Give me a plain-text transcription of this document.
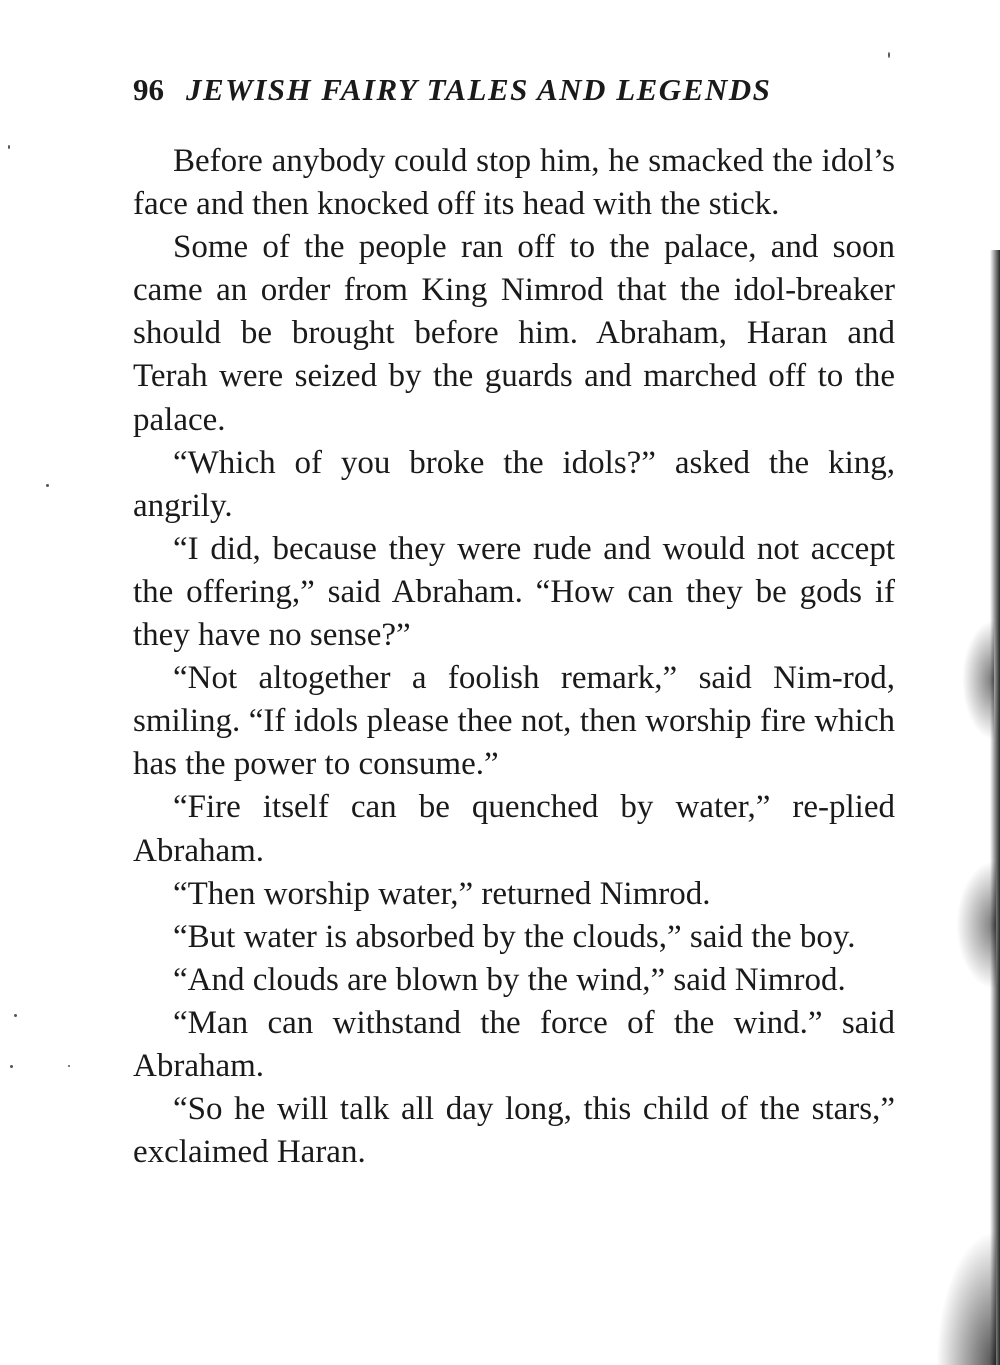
96 JEWISH FAIRY TALES AND LEGENDS

Before anybody could stop him, he smacked the idol’s face and then knocked off its head with the stick.

Some of the people ran off to the palace, and soon came an order from King Nimrod that the idol-breaker should be brought before him. Abraham, Haran and Terah were seized by the guards and marched off to the palace.

“Which of you broke the idols?” asked the king, angrily.

“I did, because they were rude and would not accept the offering,” said Abraham. “How can they be gods if they have no sense?”

“Not altogether a foolish remark,” said Nim-rod, smiling. “If idols please thee not, then worship fire which has the power to consume.”

“Fire itself can be quenched by water,” re-plied Abraham.

“Then worship water,” returned Nimrod.

“But water is absorbed by the clouds,” said the boy.

“And clouds are blown by the wind,” said Nimrod.

“Man can withstand the force of the wind.” said Abraham.

“So he will talk all day long, this child of the stars,” exclaimed Haran.
